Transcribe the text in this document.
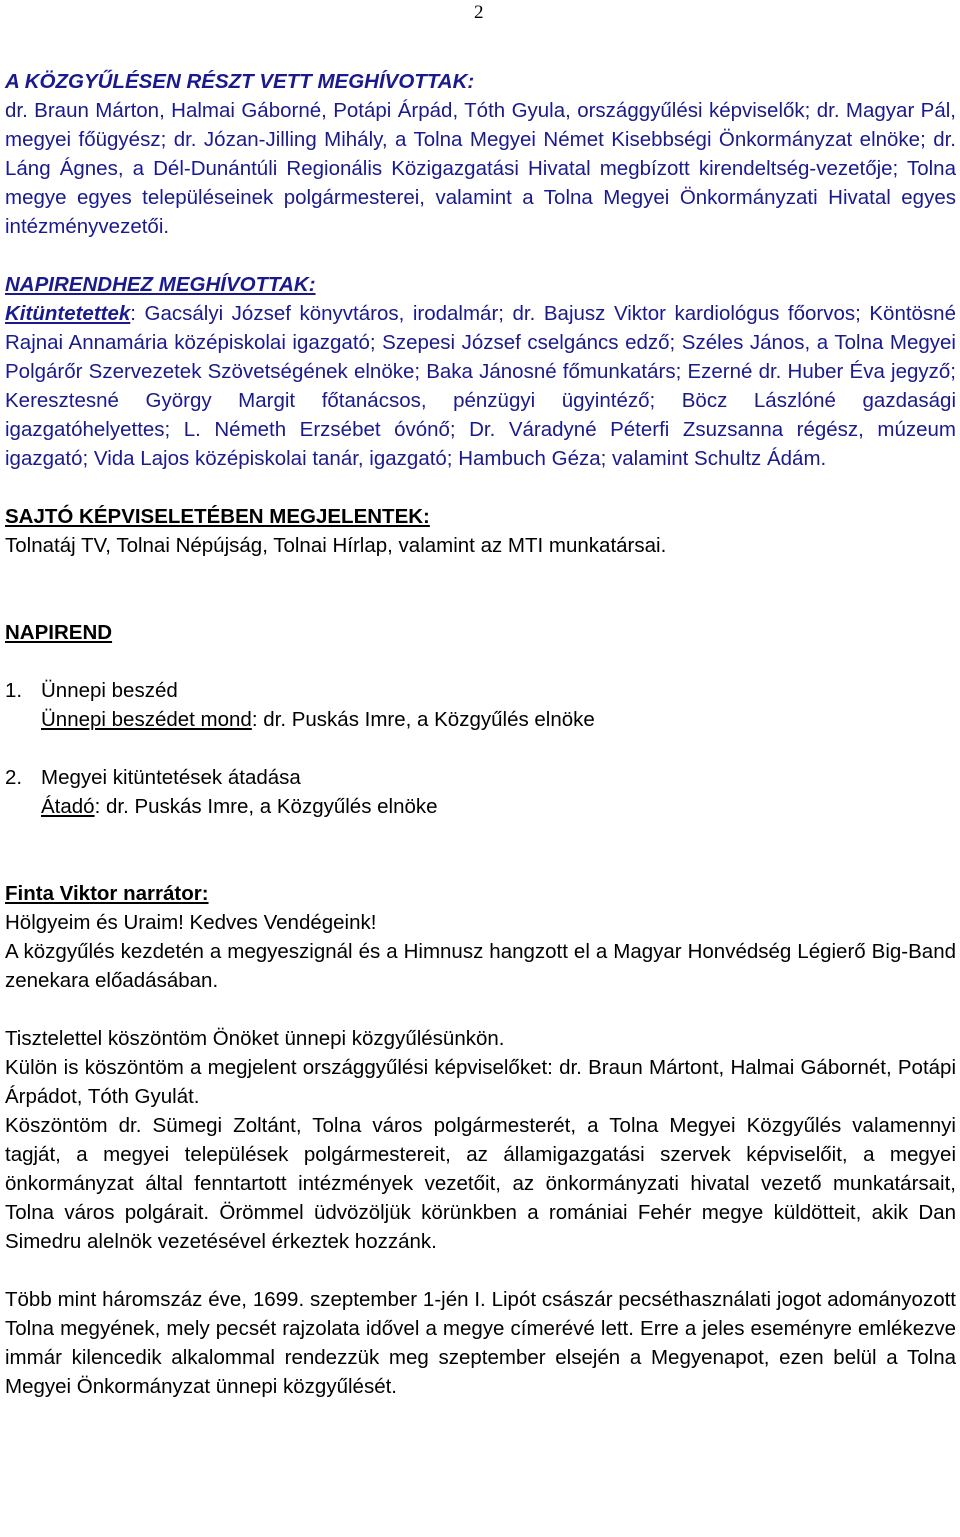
2
A KÖZGYŰLÉSEN RÉSZT VETT MEGHÍVOTTAK:
dr. Braun Márton, Halmai Gáborné, Potápi Árpád, Tóth Gyula, országgyűlési képviselők; dr. Magyar Pál, megyei főügyész; dr. Józan-Jilling Mihály, a Tolna Megyei Német Kisebbségi Önkormányzat elnöke; dr. Láng Ágnes, a Dél-Dunántúli Regionális Közigazgatási Hivatal megbízott kirendeltség-vezetője; Tolna megye egyes településeinek polgármesterei, valamint a Tolna Megyei Önkormányzati Hivatal egyes intézményvezetői.
NAPIRENDHEZ MEGHÍVOTTAK:
Kitüntetettek: Gacsályi József könyvtáros, irodalmár; dr. Bajusz Viktor kardiológus főorvos; Köntösné Rajnai Annamária középiskolai igazgató; Szepesi József cselgáncs edző; Széles János, a Tolna Megyei Polgárőr Szervezetek Szövetségének elnöke; Baka Jánosné főmunkatárs; Ezerné dr. Huber Éva jegyző; Keresztesné György Margit főtanácsos, pénzügyi ügyintéző; Böcz Lászlóné gazdasági igazgatóhelyettes; L. Németh Erzsébet óvónő; Dr. Váradyné Péterfi Zsuzsanna régész, múzeum igazgató; Vida Lajos középiskolai tanár, igazgató; Hambuch Géza; valamint Schultz Ádám.
SAJTÓ KÉPVISELETÉBEN MEGJELENTEK:
Tolnatáj TV, Tolnai Népújság, Tolnai Hírlap, valamint az MTI munkatársai.
NAPIREND
1. Ünnepi beszéd
Ünnepi beszédet mond: dr. Puskás Imre, a Közgyűlés elnöke
2. Megyei kitüntetések átadása
Átadó: dr. Puskás Imre, a Közgyűlés elnöke
Finta Viktor narrátor:
Hölgyeim és Uraim! Kedves Vendégeink!
A közgyűlés kezdetén a megyeszignál és a Himnusz hangzott el a Magyar Honvédség Légierő Big-Band zenekara előadásában.
Tisztelettel köszöntöm Önöket ünnepi közgyűlésünkön.
Külön is köszöntöm a megjelent országgyűlési képviselőket: dr. Braun Mártont, Halmai Gábornét, Potápi Árpádot, Tóth Gyulát.
Köszöntöm dr. Sümegi Zoltánt, Tolna város polgármesterét, a Tolna Megyei Közgyűlés valamennyi tagját, a megyei települések polgármestereit, az államigazgatási szervek képviselőit, a megyei önkormányzat által fenntartott intézmények vezetőit, az önkormányzati hivatal vezető munkatársait, Tolna város polgárait. Örömmel üdvözöljük körünkben a romániai Fehér megye küldötteit, akik Dan Simedru alelnök vezetésével érkeztek hozzánk.
Több mint háromszáz éve, 1699. szeptember 1-jén I. Lipót császár pecséthasználati jogot adományozott Tolna megyének, mely pecsét rajzolata idővel a megye címerévé lett. Erre a jeles eseményre emlékezve immár kilencedik alkalommal rendezzük meg szeptember elsején a Megyenapot, ezen belül a Tolna Megyei Önkormányzat ünnepi közgyűlését.
